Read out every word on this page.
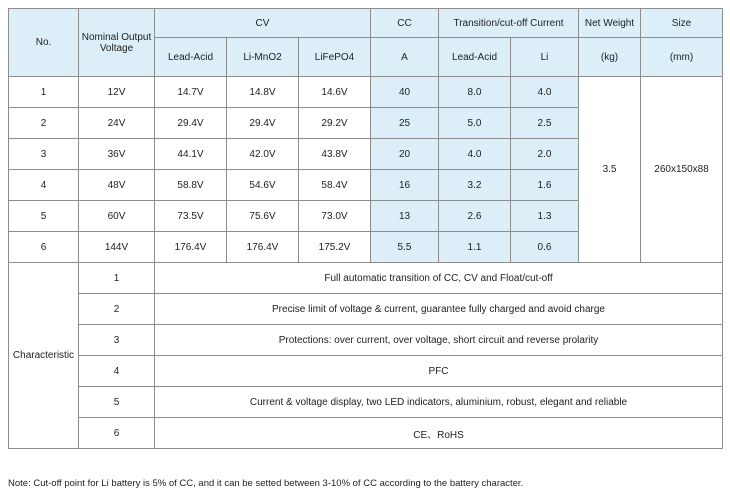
No.	Nominal Output Voltage	CV			CC	Transition/cut-off Current		Net Weight	Size
		Lead-Acid	Li-MnO2	LiFePO4	A	Lead-Acid	Li	(kg)	(mm)
1	12V	14.7V	14.8V	14.6V	40	8.0	4.0	3.5	260x150x88
2	24V	29.4V	29.4V	29.2V	25	5.0	2.5		
3	36V	44.1V	42.0V	43.8V	20	4.0	2.0		
4	48V	58.8V	54.6V	58.4V	16	3.2	1.6		
5	60V	73.5V	75.6V	73.0V	13	2.6	1.3		
6	144V	176.4V	176.4V	175.2V	5.5	1.1	0.6		
Characteristic	1	Full automatic transition of CC, CV and Float/cut-off							
	2	Precise limit of voltage & current, guarantee fully charged and avoid charge							
	3	Protections: over current, over voltage, short circuit and reverse prolarity							
	4	PFC							
	5	Current & voltage display, two LED indicators, aluminium, robust, elegant and reliable							
	6	CE、RoHS							
Note: Cut-off point for Li battery is 5% of CC, and it can be setted between 3-10% of CC according to the battery character.
